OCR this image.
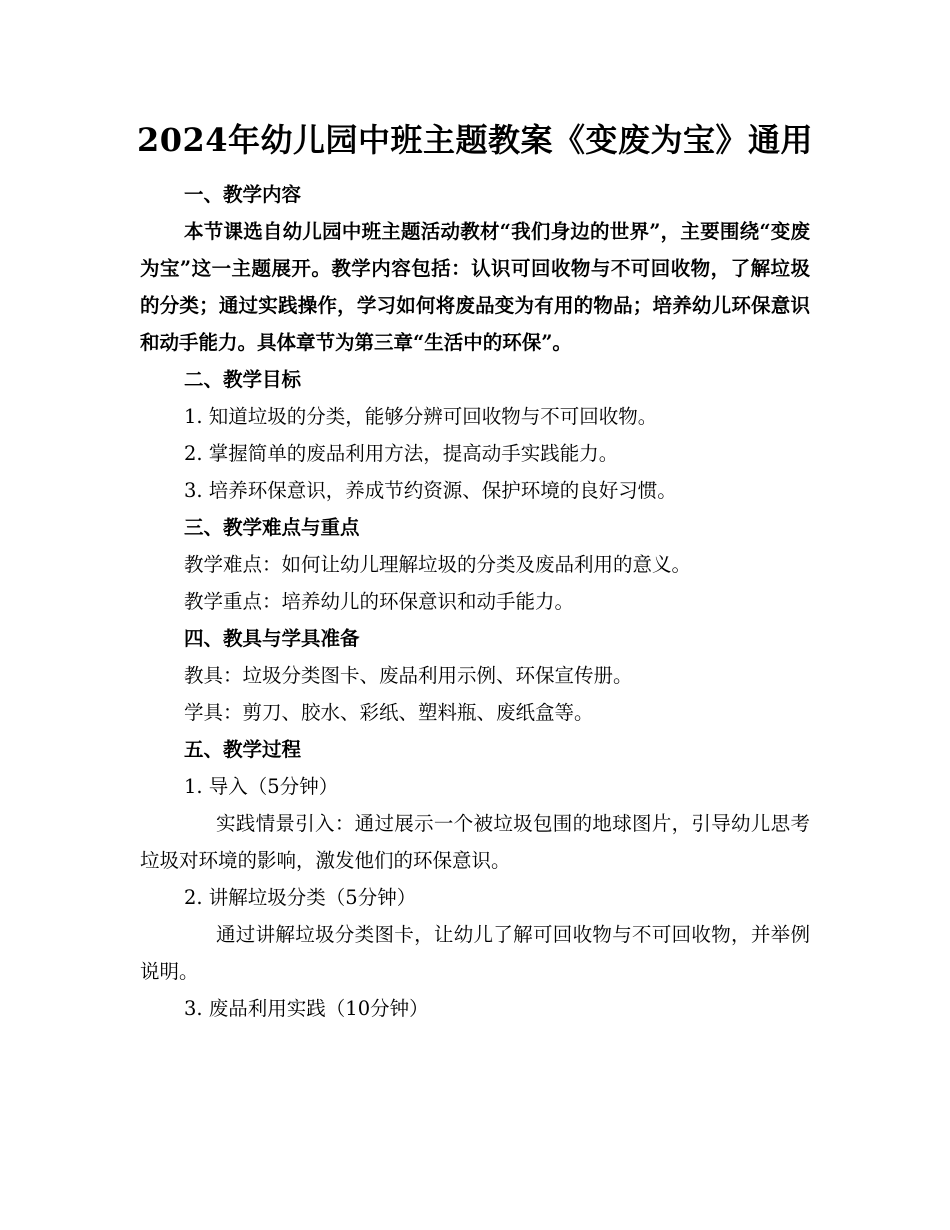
2024年幼儿园中班主题教案《变废为宝》通用

一、教学内容

本节课选自幼儿园中班主题活动教材“我们身边的世界”，主要围绕“变废为宝”这一主题展开。教学内容包括：认识可回收物与不可回收物，了解垃圾的分类；通过实践操作，学习如何将废品变为有用的物品；培养幼儿环保意识和动手能力。具体章节为第三章“生活中的环保”。

二、教学目标

1. 知道垃圾的分类，能够分辨可回收物与不可回收物。

2. 掌握简单的废品利用方法，提高动手实践能力。

3. 培养环保意识，养成节约资源、保护环境的良好习惯。

三、教学难点与重点

教学难点：如何让幼儿理解垃圾的分类及废品利用的意义。

教学重点：培养幼儿的环保意识和动手能力。

四、教具与学具准备

教具：垃圾分类图卡、废品利用示例、环保宣传册。

学具：剪刀、胶水、彩纸、塑料瓶、废纸盒等。

五、教学过程

1. 导入（5分钟）

实践情景引入：通过展示一个被垃圾包围的地球图片，引导幼儿思考垃圾对环境的影响，激发他们的环保意识。

2. 讲解垃圾分类（5分钟）

通过讲解垃圾分类图卡，让幼儿了解可回收物与不可回收物，并举例说明。

3. 废品利用实践（10分钟）
